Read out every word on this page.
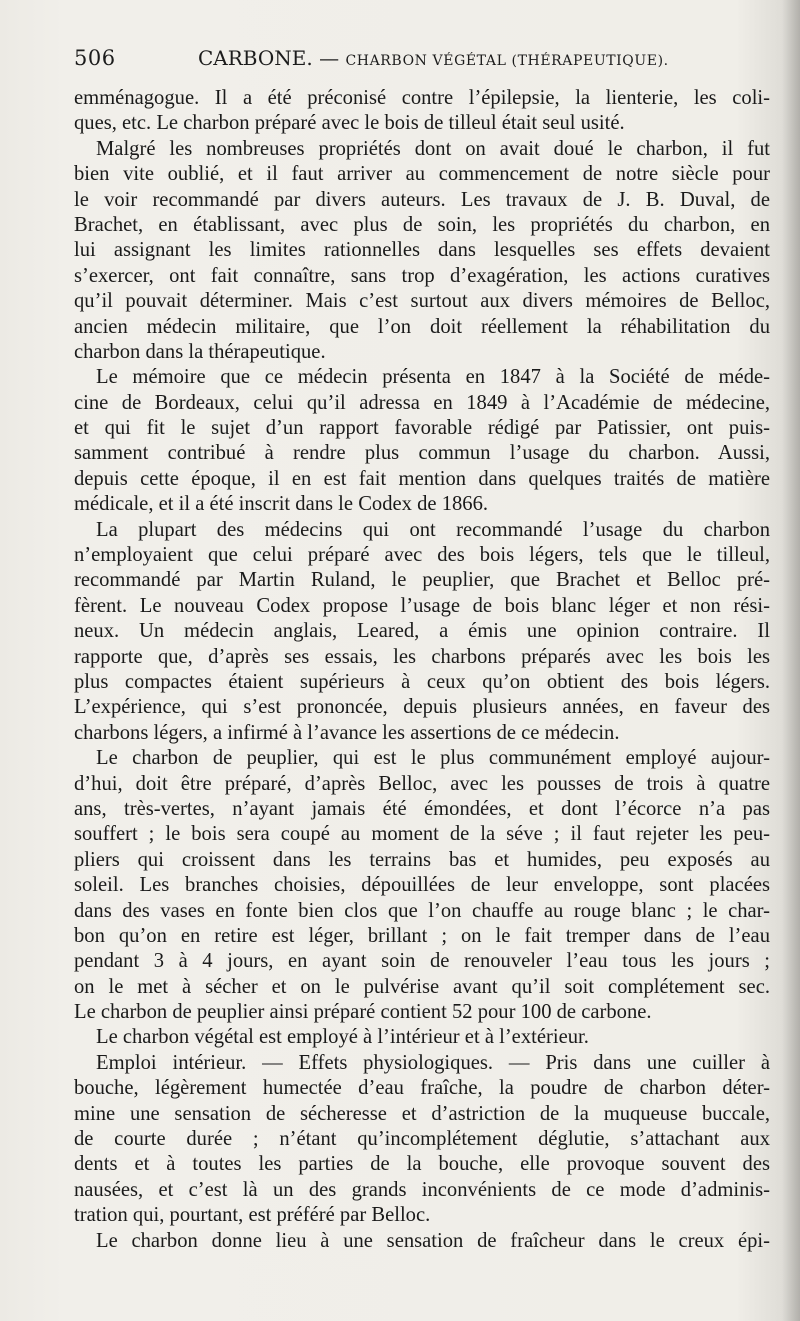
506	CARBONE. — CHARBON VÉGÉTAL (THÉRAPEUTIQUE).
emménagogue. Il a été préconisé contre l’épilepsie, la lienterie, les coli-
ques, etc. Le charbon préparé avec le bois de tilleul était seul usité.
Malgré les nombreuses propriétés dont on avait doué le charbon, il fut
bien vite oublié, et il faut arriver au commencement de notre siècle pour
le voir recommandé par divers auteurs. Les travaux de J. B. Duval, de
Brachet, en établissant, avec plus de soin, les propriétés du charbon, en
lui assignant les limites rationnelles dans lesquelles ses effets devaient
s’exercer, ont fait connaître, sans trop d’exagération, les actions curatives
qu’il pouvait déterminer. Mais c’est surtout aux divers mémoires de Belloc,
ancien médecin militaire, que l’on doit réellement la réhabilitation du
charbon dans la thérapeutique.
Le mémoire que ce médecin présenta en 1847 à la Société de méde-
cine de Bordeaux, celui qu’il adressa en 1849 à l’Académie de médecine,
et qui fit le sujet d’un rapport favorable rédigé par Patissier, ont puis-
samment contribué à rendre plus commun l’usage du charbon. Aussi,
depuis cette époque, il en est fait mention dans quelques traités de matière
médicale, et il a été inscrit dans le Codex de 1866.
La plupart des médecins qui ont recommandé l’usage du charbon
n’employaient que celui préparé avec des bois légers, tels que le tilleul,
recommandé par Martin Ruland, le peuplier, que Brachet et Belloc pré-
fèrent. Le nouveau Codex propose l’usage de bois blanc léger et non rési-
neux. Un médecin anglais, Leared, a émis une opinion contraire. Il
rapporte que, d’après ses essais, les charbons préparés avec les bois les
plus compactes étaient supérieurs à ceux qu’on obtient des bois légers.
L’expérience, qui s’est prononcée, depuis plusieurs années, en faveur des
charbons légers, a infirmé à l’avance les assertions de ce médecin.
Le charbon de peuplier, qui est le plus communément employé aujour-
d’hui, doit être préparé, d’après Belloc, avec les pousses de trois à quatre
ans, très-vertes, n’ayant jamais été émondées, et dont l’écorce n’a pas
souffert ; le bois sera coupé au moment de la séve ; il faut rejeter les peu-
pliers qui croissent dans les terrains bas et humides, peu exposés au
soleil. Les branches choisies, dépouillées de leur enveloppe, sont placées
dans des vases en fonte bien clos que l’on chauffe au rouge blanc ; le char-
bon qu’on en retire est léger, brillant ; on le fait tremper dans de l’eau
pendant 3 à 4 jours, en ayant soin de renouveler l’eau tous les jours ;
on le met à sécher et on le pulvérise avant qu’il soit complétement sec.
Le charbon de peuplier ainsi préparé contient 52 pour 100 de carbone.
Le charbon végétal est employé à l’intérieur et à l’extérieur.
Emploi intérieur. — Effets physiologiques. — Pris dans une cuiller à
bouche, légèrement humectée d’eau fraîche, la poudre de charbon déter-
mine une sensation de sécheresse et d’astriction de la muqueuse buccale,
de courte durée ; n’étant qu’incomplétement déglutie, s’attachant aux
dents et à toutes les parties de la bouche, elle provoque souvent des
nausées, et c’est là un des grands inconvénients de ce mode d’adminis-
tration qui, pourtant, est préféré par Belloc.
Le charbon donne lieu à une sensation de fraîcheur dans le creux épi-
